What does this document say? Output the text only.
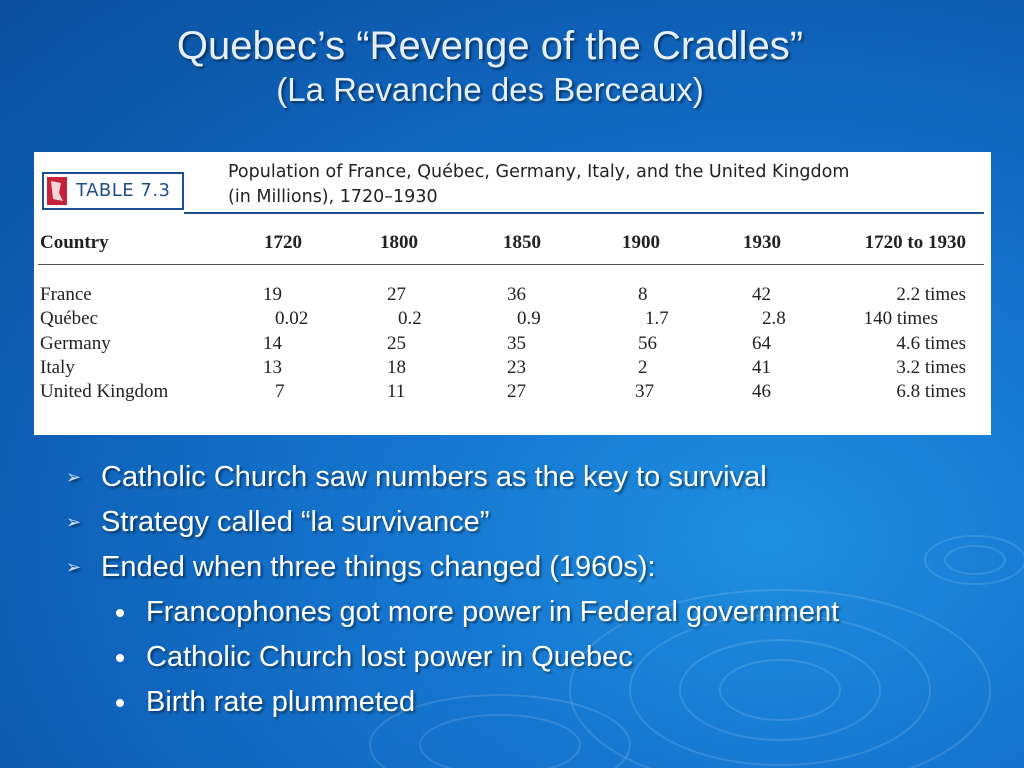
Quebec’s “Revenge of the Cradles”
(La Revanche des Berceaux)
TABLE 7.3
Population of France, Québec, Germany, Italy, and the United Kingdom
(in Millions), 1720–1930
Country	1720	1800	1850	1900	1930	1720 to 1930
France	19	27	36	8	42	2.2 times
Québec	0.02	0.2	0.9	1.7	2.8	140 times
Germany	14	25	35	56	64	4.6 times
Italy	13	18	23	2	41	3.2 times
United Kingdom	7	11	27	37	46	6.8 times
➢ Catholic Church saw numbers as the key to survival
➢ Strategy called “la survivance”
➢ Ended when three things changed (1960s):
Francophones got more power in Federal government
Catholic Church lost power in Quebec
Birth rate plummeted
